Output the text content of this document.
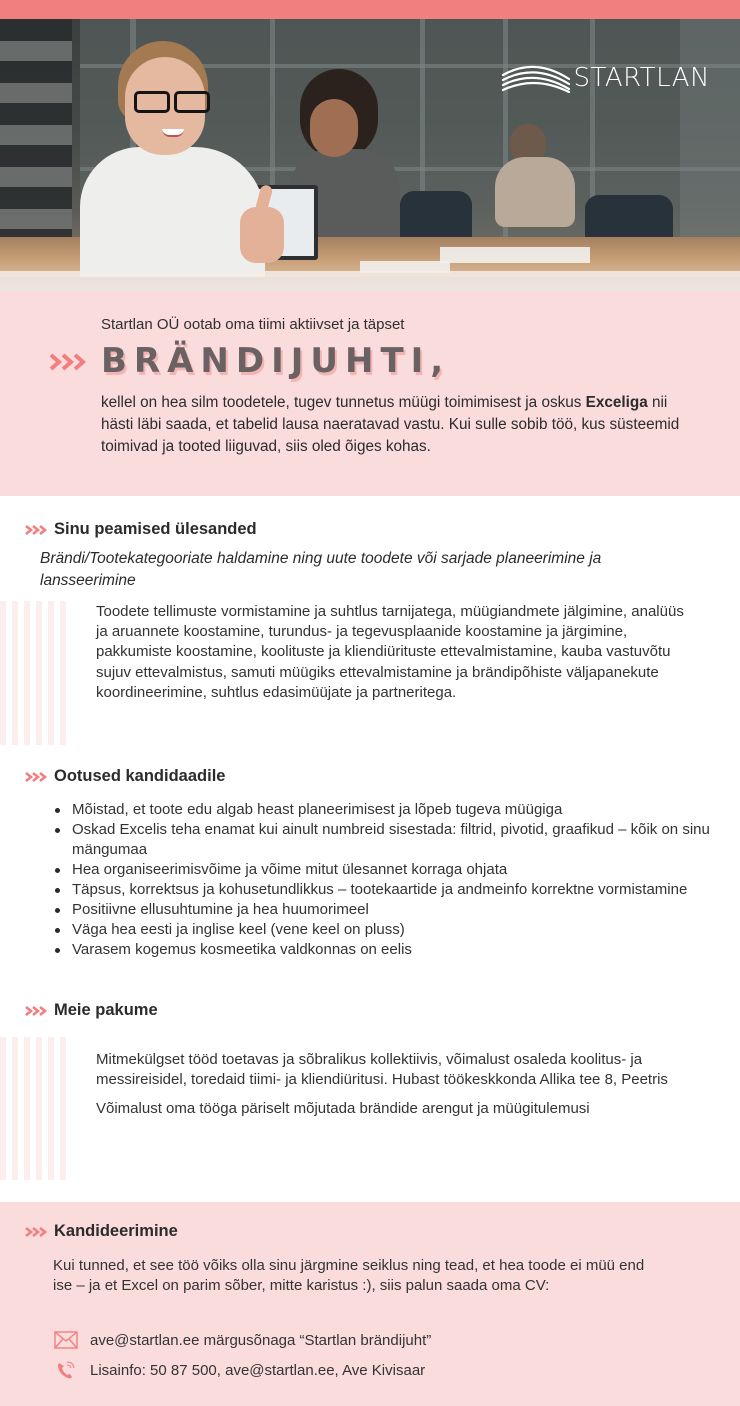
STARTLAN
Startlan OÜ ootab oma tiimi aktiivset ja täpset
BRÄNDIJUHTI,
kellel on hea silm toodetele, tugev tunnetus müügi toimimisest ja oskus Exceliga nii hästi läbi saada, et tabelid lausa naeratavad vastu. Kui sulle sobib töö, kus süsteemid toimivad ja tooted liiguvad, siis oled õiges kohas.
Sinu peamised ülesanded
Brändi/Tootekategooriate haldamine ning uute toodete või sarjade planeerimine ja lansseerimine
Toodete tellimuste vormistamine ja suhtlus tarnijatega, müügiandmete jälgimine, analüüs ja aruannete koostamine, turundus- ja tegevusplaanide koostamine ja järgimine, pakkumiste koostamine, koolituste ja kliendiürituste ettevalmistamine, kauba vastuvõtu sujuv ettevalmistus, samuti müügiks ettevalmistamine ja brändipõhiste väljapanekute koordineerimine, suhtlus edasimüüjate ja partneritega.
Ootused kandidaadile
Mõistad, et toote edu algab heast planeerimisest ja lõpeb tugeva müügiga
Oskad Excelis teha enamat kui ainult numbreid sisestada: filtrid, pivotid, graafikud – kõik on sinu mängumaa
Hea organiseerimisvõime ja võime mitut ülesannet korraga ohjata
Täpsus, korrektsus ja kohusetundlikkus – tootekaartide ja andmeinfo korrektne vormistamine
Positiivne ellusuhtumine ja hea huumorimeel
Väga hea eesti ja inglise keel (vene keel on pluss)
Varasem kogemus kosmeetika valdkonnas on eelis
Meie pakume

Mitmekülgset tööd toetavas ja sõbralikus kollektiivis, võimalust osaleda koolitus- ja messireisidel, toredaid tiimi- ja kliendiüritusi. Hubast töökeskkonda Allika tee 8, Peetris

Võimalust oma tööga päriselt mõjutada brändide arengut ja müügitulemusi

Kandideerimine
Kui tunned, et see töö võiks olla sinu järgmine seiklus ning tead, et hea toode ei müü end ise – ja et Excel on parim sõber, mitte karistus :), siis palun saada oma CV:
ave@startlan.ee märgusõnaga “Startlan brändijuht”
Lisainfo: 50 87 500, ave@startlan.ee, Ave Kivisaar
